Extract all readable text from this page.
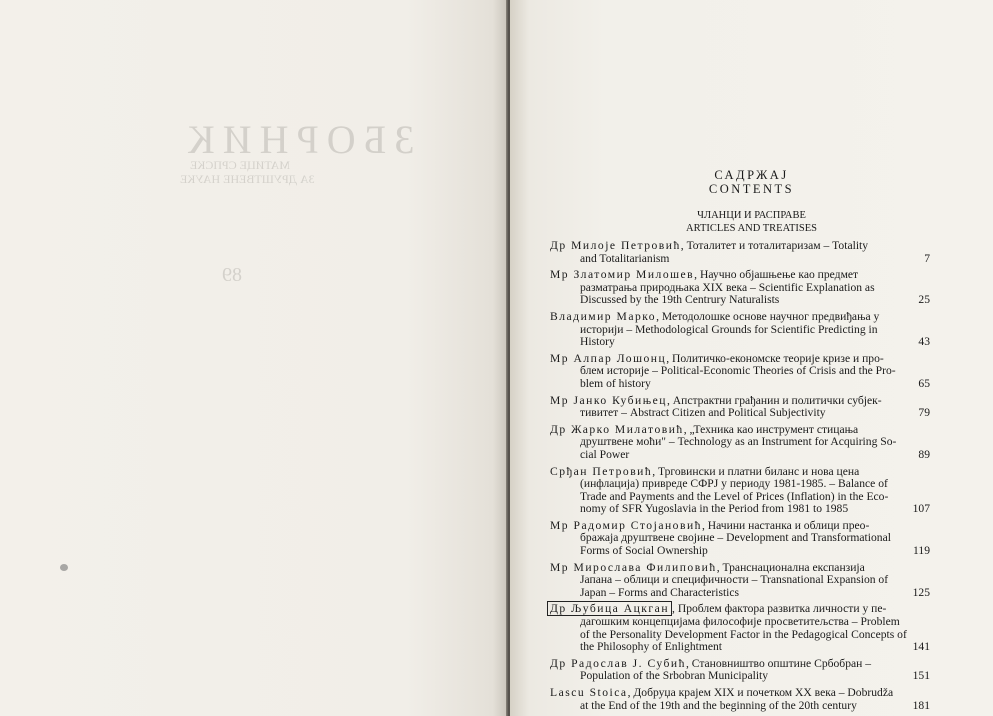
ЗБОРНИК
МАТИЦЕ СРПСКЕ
ЗА ДРУШТВЕНЕ НАУКЕ
89
САДРЖАЈ
CONTENTS
ЧЛАНЦИ И РАСПРАВЕ
ARTICLES AND TREATISES
Др Милоје Петровић, Тоталитет и тоталитаризам – Totality
and Totalitarianism	7
Мр Златомир Милошев, Научно објашњење као предмет
разматрања природњака XIX века – Scientific Explanation as
Discussed by the 19th Centrury Naturalists	25
Владимир Марко, Методолошке основе научног предвиђања у
историји – Methodological Grounds for Scientific Predicting in
History	43
Мр Алпар Лошонц, Политичко-економске теорије кризе и про-
блем историје – Political-Economic Theories of Crisis and the Pro-
blem of history	65
Мр Јанко Кубињец, Апстрактни грађанин и политички субјек-
тивитет – Abstract Citizen and Political Subjectivity	79
Др Жарко Милатовић, „Техника као инструмент стицања
друштвене моћи" – Technology as an Instrument for Acquiring So-
cial Power	89
Срђан Петровић, Трговински и платни биланс и нова цена
(инфлација) привреде СФРЈ у периоду 1981-1985. – Balance of
Trade and Payments and the Level of Prices (Inflation) in the Eco-
nomy of SFR Yugoslavia in the Period from 1981 to 1985	107
Мр Радомир Стојановић, Начини настанка и облици прео-
бражаја друштвене својине – Development and Transformational
Forms of Social Ownership	119
Мр Мирослава Филиповић, Транснационална експанзија
Јапана – облици и специфичности – Transnational Expansion of
Japan – Forms and Characteristics	125
Др Љубица Ацкган , Проблем фактора развитка личности у пе-
дагошким концепцијама философије просветитељства – Problem
of the Personality Development Factor in the Pedagogical Concepts of
the Philosophy of Enlightment	141
Др Радослав Ј. Субић, Становништво општине Србобран –
Population of the Srbobran Municipality	151
Lascu Stoica, Добруџа крајем XIX и почетком XX века – Dobrudža
at the End of the 19th and the beginning of the 20th century	181
